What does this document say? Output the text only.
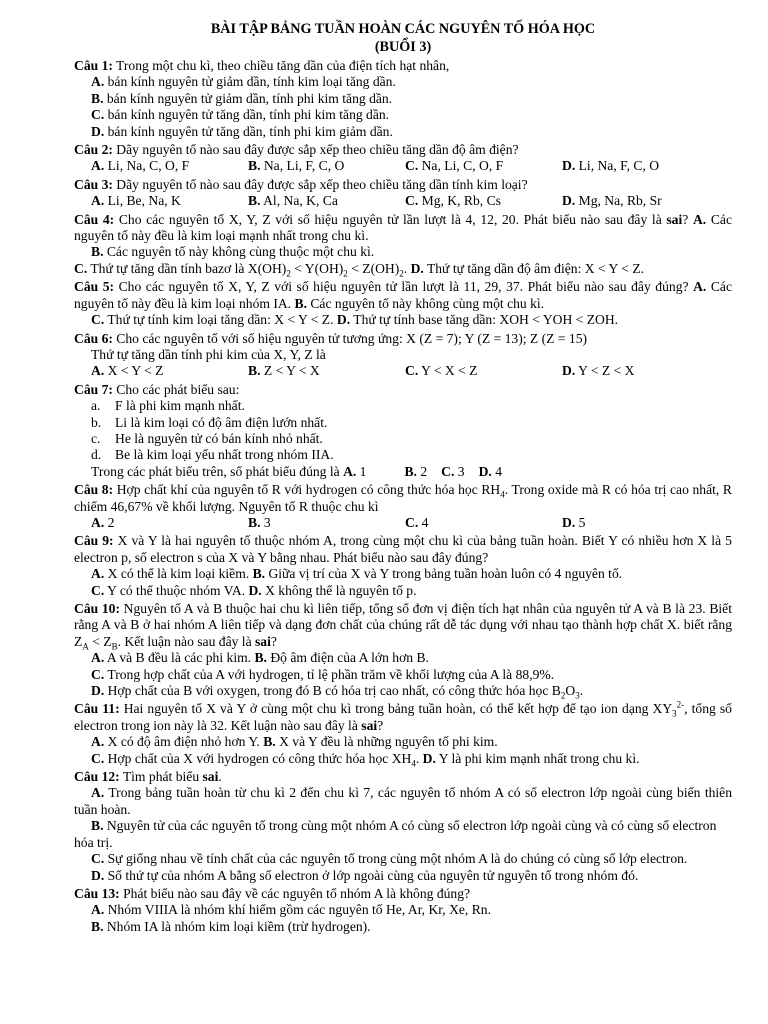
BÀI TẬP BẢNG TUẦN HOÀN CÁC NGUYÊN TỐ HÓA HỌC
(BUỔI 3)
Câu 1: Trong một chu kì, theo chiều tăng dần của điện tích hạt nhân,
A. bán kính nguyên tử giảm dần, tính kim loại tăng dần.
B. bán kính nguyên tử giảm dần, tính phi kim tăng dần.
C. bán kính nguyên tử tăng dần, tính phi kim tăng dần.
D. bán kính nguyên tử tăng dần, tính phi kim giảm dần.
Câu 2: Dãy nguyên tố nào sau đây được sắp xếp theo chiều tăng dần độ âm điện?
A. Li, Na, C, O, F	B. Na, Li, F, C, O	C. Na, Li, C, O, F	D. Li, Na, F, C, O
Câu 3: Dãy nguyên tố nào sau đây được sắp xếp theo chiều tăng dần tính kim loại?
A. Li, Be, Na, K	B. Al, Na, K, Ca	C. Mg, K, Rb, Cs	D. Mg, Na, Rb, Sr
Câu 4: Cho các nguyên tố X, Y, Z với số hiệu nguyên tử lần lượt là 4, 12, 20. Phát biểu nào sau đây là sai? A. Các nguyên tố này đều là kim loại mạnh nhất trong chu kì.
B. Các nguyên tố này không cùng thuộc một chu kì.
C. Thứ tự tăng dần tính bazơ là $X(OH)_2 < Y(OH)_2 < Z(OH)_2$. D. Thứ tự tăng dần độ âm điện: X < Y < Z.
Câu 5: Cho các nguyên tố X, Y, Z với số hiệu nguyên tử lần lượt là 11, 29, 37. Phát biểu nào sau đây đúng? A. Các nguyên tố này đều là kim loại nhóm IA. B. Các nguyên tố này không cùng một chu kì.
C. Thứ tự tính kim loại tăng dần: X < Y < Z. D. Thứ tự tính base tăng dần: XOH < YOH < ZOH.
Câu 6: Cho các nguyên tố với số hiệu nguyên tử tương ứng: X (Z = 7); Y (Z = 13); Z (Z = 15)
Thứ tự tăng dần tính phi kim của X, Y, Z là
A. X < Y < Z	B. Z < Y < X	C. Y < X < Z	D. Y < Z < X
Câu 7: Cho các phát biểu sau:
a.	F là phi kim mạnh nhất.
b.	Li là kim loại có độ âm điện lướn nhất.
c.	He là nguyên tử có bán kính nhỏ nhất.
d.	Be là kim loại yếu nhất trong nhóm IIA.
Trong các phát biểu trên, số phát biểu đúng là A. 1	B. 2 C. 3 D. 4
Câu 8: Hợp chất khí của nguyên tố R với hydrogen có công thức hóa học $RH_4$. Trong oxide mà R có hóa trị cao nhất, R chiếm 46,67% về khối lượng. Nguyên tố R thuộc chu kì
A. 2	B. 3	C. 4	D. 5
Câu 9: X và Y là hai nguyên tố thuộc nhóm A, trong cùng một chu kì của bảng tuần hoàn. Biết Y có nhiều hơn X là 5 electron p, số electron s của X và Y bằng nhau. Phát biểu nào sau đây đúng?
A. X có thể là kim loại kiềm. B. Giữa vị trí của X và Y trong bảng tuần hoàn luôn có 4 nguyên tố.
C. Y có thể thuộc nhóm VA. D. X không thể là nguyên tố p.
Câu 10: Nguyên tố A và B thuộc hai chu kì liên tiếp, tổng số đơn vị điện tích hạt nhân của nguyên tử A và B là 23. Biết rằng A và B ở hai nhóm A liên tiếp và dạng đơn chất của chúng rất dễ tác dụng với nhau tạo thành hợp chất X. biết rằng $Z_A < Z_B$. Kết luận nào sau đây là sai?
A. A và B đều là các phi kim. B. Độ âm điện của A lớn hơn B.
C. Trong hợp chất của A với hydrogen, tỉ lệ phần trăm về khối lượng của A là 88,9%.
D. Hợp chất của B với oxygen, trong đó B có hóa trị cao nhất, có công thức hóa học $B_2O_3$.
Câu 11: Hai nguyên tố X và Y ở cùng một chu kì trong bảng tuần hoàn, có thể kết hợp để tạo ion dạng $XY_3^{2-}$, tổng số electron trong ion này là 32. Kết luận nào sau đây là sai?
A. X có độ âm điện nhỏ hơn Y. B. X và Y đều là những nguyên tố phi kim.
C. Hợp chất của X với hydrogen có công thức hóa học $XH_4$. D. Y là phi kim mạnh nhất trong chu kì.
Câu 12: Tìm phát biểu sai.
A. Trong bảng tuần hoàn từ chu kì 2 đến chu kì 7, các nguyên tố nhóm A có số electron lớp ngoài cùng biến thiên tuần hoàn.
B. Nguyên tử của các nguyên tố trong cùng một nhóm A có cùng số electron lớp ngoài cùng và có cùng số electron hóa trị.
C. Sự giống nhau về tính chất của các nguyên tố trong cùng một nhóm A là do chúng có cùng số lớp electron.
D. Số thứ tự của nhóm A bằng số electron ở lớp ngoài cùng của nguyên tử nguyên tố trong nhóm đó.
Câu 13: Phát biểu nào sau đây về các nguyên tố nhóm A là không đúng?
A. Nhóm VIIIA là nhóm khí hiếm gồm các nguyên tố He, Ar, Kr, Xe, Rn.
B. Nhóm IA là nhóm kim loại kiềm (trừ hydrogen).
